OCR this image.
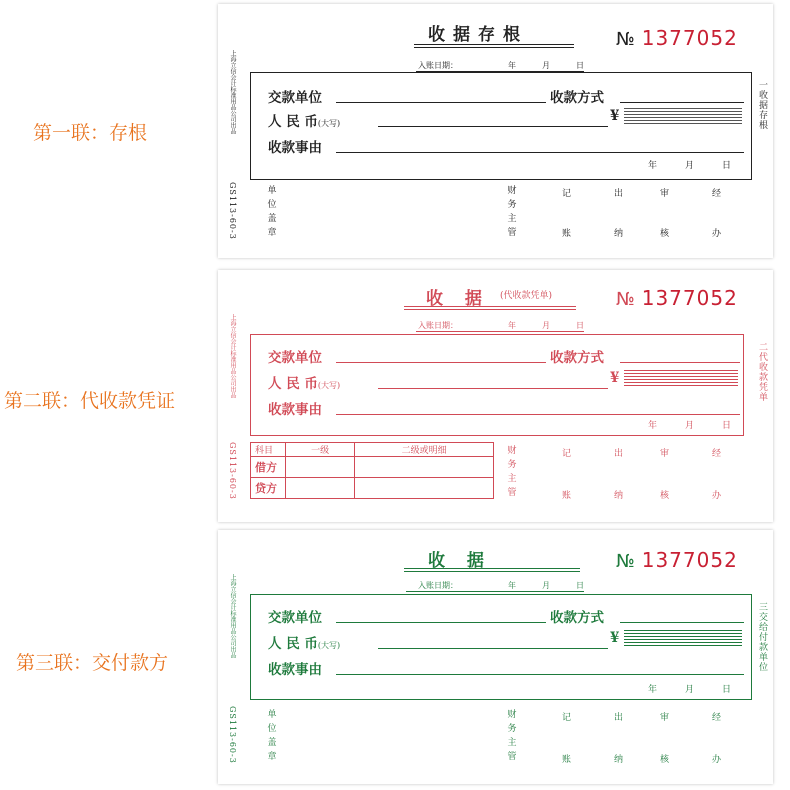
第一联：存根
第二联：代收款凭证
第三联：交付款方
收据存根	№ 1377052
入账日期：	年	月	日
上海立信会计标准用品公司出品
GS113-60-3
一收据存根
交款单位	收款方式
人 民 币(大写)	¥
收款事由
年	月	日
单
位
盖
章
财
务
主
管
记
账
出
纳
审
核
经
办
收 据 (代收款凭单)	№ 1377052
入账日期：	年	月	日
上海立信会计标准用品公司出品
GS113-60-3
二代收款凭单
交款单位	收款方式
人 民 币(大写)	¥
收款事由
年	月	日
科目	一级	二级或明细
借方		
贷方		
财
务
主
管
记
账
出
纳
审
核
经
办
收 据	№ 1377052
入账日期：	年	月	日
上海立信会计标准用品公司出品
GS113-60-3
三交给付款单位
交款单位	收款方式
人 民 币(大写)	¥
收款事由
年	月	日
单
位
盖
章
财
务
主
管
记
账
出
纳
审
核
经
办
